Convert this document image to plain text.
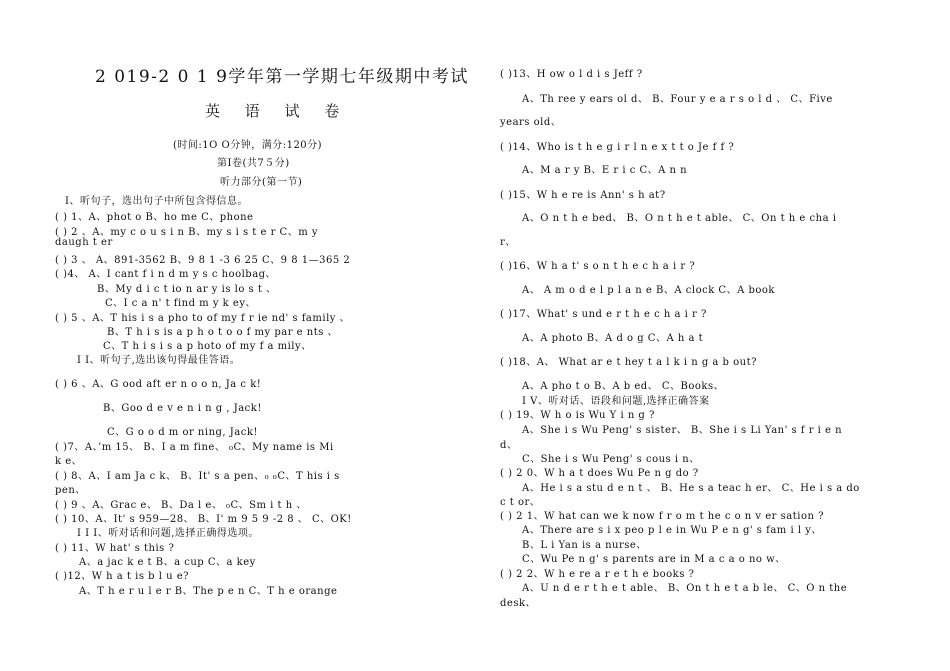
2 019-2 0 1 9学年第一学期七年级期中考试
英 语 试 卷
(时间:1O O分钟，满分:120分)
第Ⅰ卷(共7５分)
听力部分(第一节)
Ⅰ、听句子，选出句子中所包含得信息。
( ) 1、A、phot o B、ho me C、phone
( ) 2 、A、my c o u s i n B、my s i s t e r C、m y
daugh t er
( ) 3 、 A、891-3562 B、9 8 1 -3 6 25 C、9 8 1—365 2
( )4、 A、I cant f i n d m y s c hoolbag、
B、My d i c t io n ar y is lo s t 、
C、I c a n' t find m y k ey、
( ) 5 、A、T his i s a pho to of my f r ie nd' s family 、
B、T h i s is a p h o t o o f my par e nts 、
C、T h i s i s a p hoto of my f a mily、
I I、听句子,选出该句得最佳答语。
( ) 6 、A、G ood aft er n o o n, Ja c k!
B、Goo d e v e n i n g , Jack!
C、G o o d m or ning, Jack!
( )7、A、’m 15、 B、I a m fine、 ₀C、My name is Mi
k e、
( ) 8、A、I am Ja c k、 B、It' s a pen、₀ ₀C、T his i s
pen、
( ) 9 、A、Grac e、 B、Da l e、 ₀C、Sm i t h 、
( ) 10、A、It' s 959—28、 B、I' m 9 5 9 -2 8 、 C、OK!
I I I、听对话和问题,选择正确得选项。
( ) 11、W hat' s this ?
A、a jac k e t B、a cup C、a key
( )12、W h a t is b l u e?
A、T h e r u l e r B、The p e n C、T h e orange
( )13、H ow o l d i s Jeff ?
A、Th ree y ears ol d、 B、Four y e a r s o l d 、 C、Five
years old、
( )14、Who is t h e g i r l n e x t t o Je f f ?
A、M a r y B、E r i c C、A n n
( )15、W h e re is Ann' s h at?
A、O n t h e bed、 B、O n t h e t able、 C、On t h e cha i
r、
( )16、W h a t' s o n t h e c h a i r ?
A、 A m o d e l p l a n e B、A clock C、A book
( )17、What' s und e r t h e c h a i r ?
A、A photo B、A d o g C、A h a t
( )18、A、 What ar e t hey t a l k i n g a b out?
A、A pho t o B、A b ed、 C、Books、
I V、听对话、语段和问题,选择正确答案
( ) 19、W h o is Wu Y i n g ?
A、She i s Wu Peng' s sister、 B、She i s Li Yan' s f r i e n
d、
C、She i s Wu Peng' s cous i n、
( ) 2 0、W h a t does Wu Pe n g do ?
A、He i s a stu d e n t 、 B、He s a teac h er、 C、He i s a do
c t or、
( ) 2 1、W hat can we k now f r o m t he c o n v er sation ?
A、There are s i x peo p l e in Wu P e n g' s fam i l y、
B、L i Yan is a nurse、
C、Wu Pe n g' s parents are in M a c a o no w、
( ) 2 2、W h e re a r e t h e books ?
A、U n d e r t h e t able、 B、On t h e t a b le、 C、O n the
desk、
